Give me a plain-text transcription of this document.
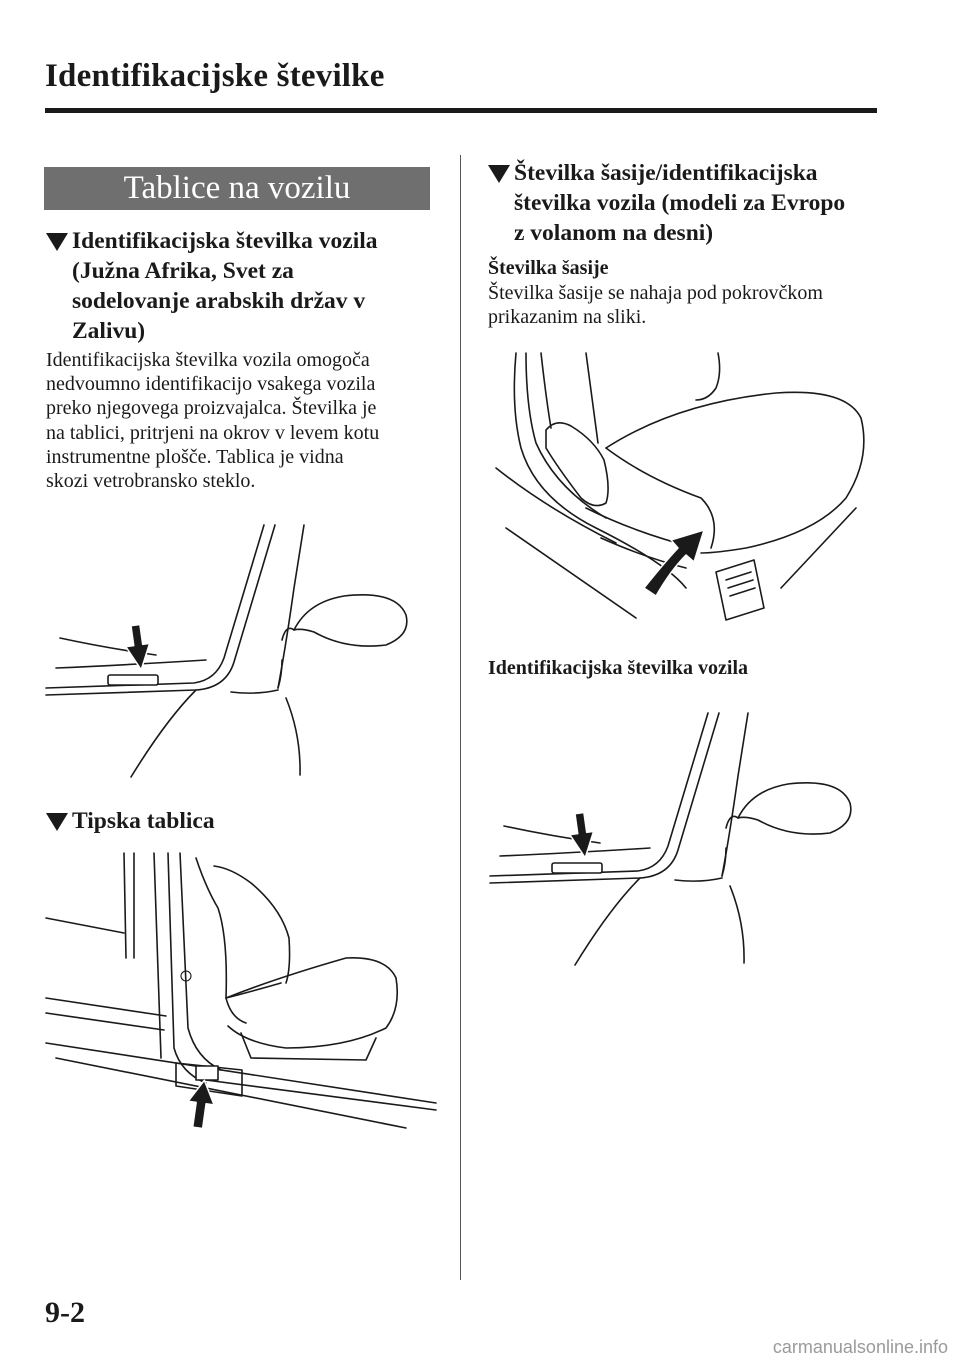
Identifikacijske številke
Tablice na vozilu
Identifikacijska številka vozila
(Južna Afrika, Svet za
sodelovanje arabskih držav v
Zalivu)

Identifikacijska številka vozila omogoča
nedvoumno identifikacijo vsakega vozila
preko njegovega proizvajalca. Številka je
na tablici, pritrjeni na okrov v levem kotu
instrumentne plošče. Tablica je vidna
skozi vetrobransko steklo.

Tipska tablica
Številka šasije/identifikacijska
številka vozila (modeli za Evropo
z volanom na desni)

Številka šasije

Številka šasije se nahaja pod pokrovčkom
prikazanim na sliki.

Identifikacijska številka vozila

9-2

carmanualsonline.info
